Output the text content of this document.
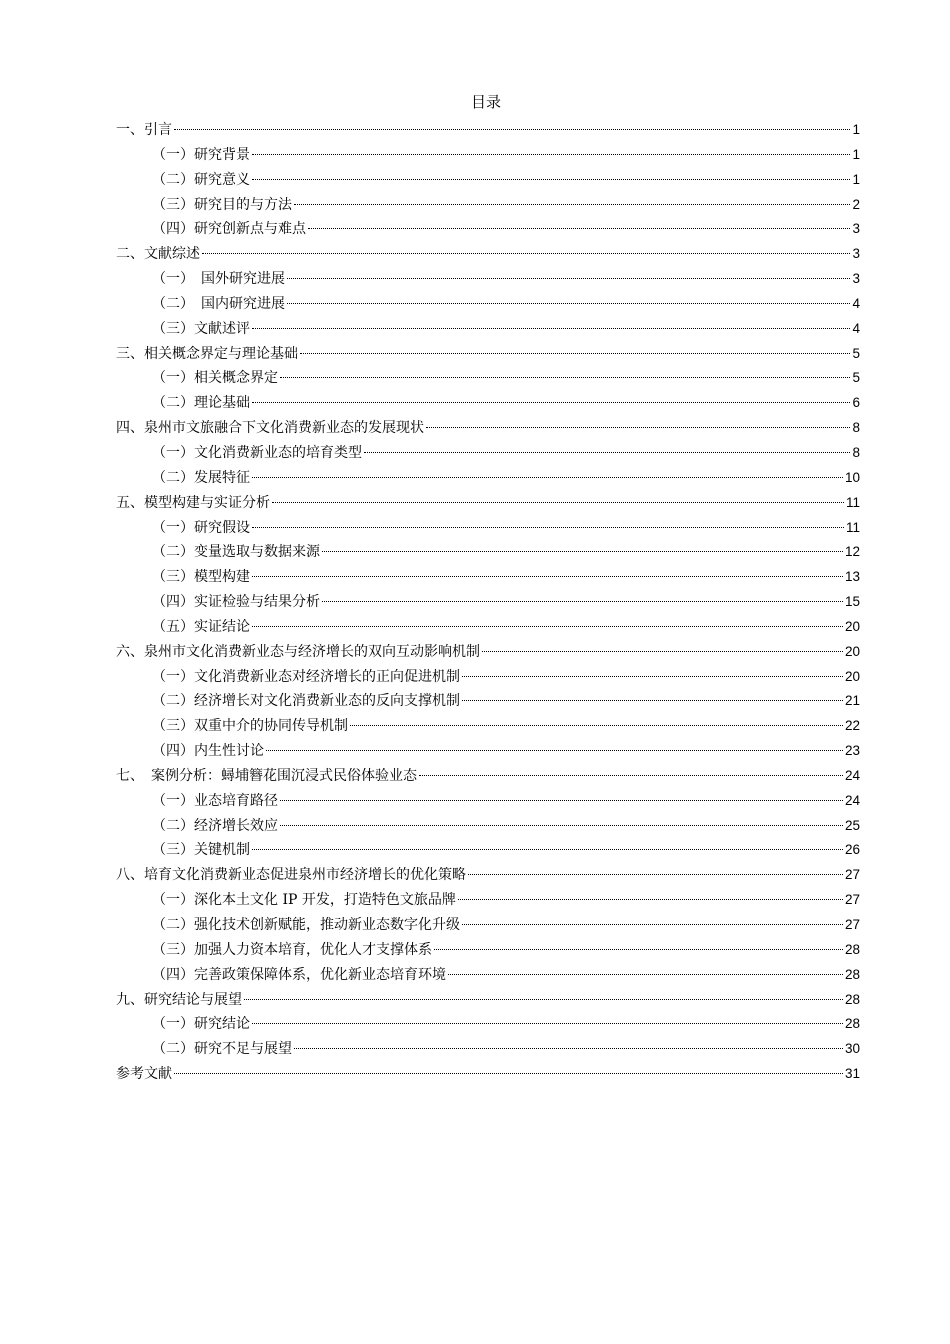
目录
一、引言	1
（一）研究背景	1
（二）研究意义	1
（三）研究目的与方法	2
（四）研究创新点与难点	3
二、文献综述	3
（一）　国外研究进展	3
（二）　国内研究进展	4
（三）文献述评	4
三、相关概念界定与理论基础	5
（一）相关概念界定	5
（二）理论基础	6
四、泉州市文旅融合下文化消费新业态的发展现状	8
（一）文化消费新业态的培育类型	8
（二）发展特征	10
五、模型构建与实证分析	11
（一）研究假设	11
（二）变量选取与数据来源	12
（三）模型构建	13
（四）实证检验与结果分析	15
（五）实证结论	20
六、泉州市文化消费新业态与经济增长的双向互动影响机制	20
（一）文化消费新业态对经济增长的正向促进机制	20
（二）经济增长对文化消费新业态的反向支撑机制	21
（三）双重中介的协同传导机制	22
（四）内生性讨论	23
七、　案例分析：蟳埔簪花围沉浸式民俗体验业态	24
（一）业态培育路径	24
（二）经济增长效应	25
（三）关键机制	26
八、培育文化消费新业态促进泉州市经济增长的优化策略	27
（一）深化本土文化 IP 开发，打造特色文旅品牌	27
（二）强化技术创新赋能，推动新业态数字化升级	27
（三）加强人力资本培育，优化人才支撑体系	28
（四）完善政策保障体系，优化新业态培育环境	28
九、研究结论与展望	28
（一）研究结论	28
（二）研究不足与展望	30
参考文献	31
